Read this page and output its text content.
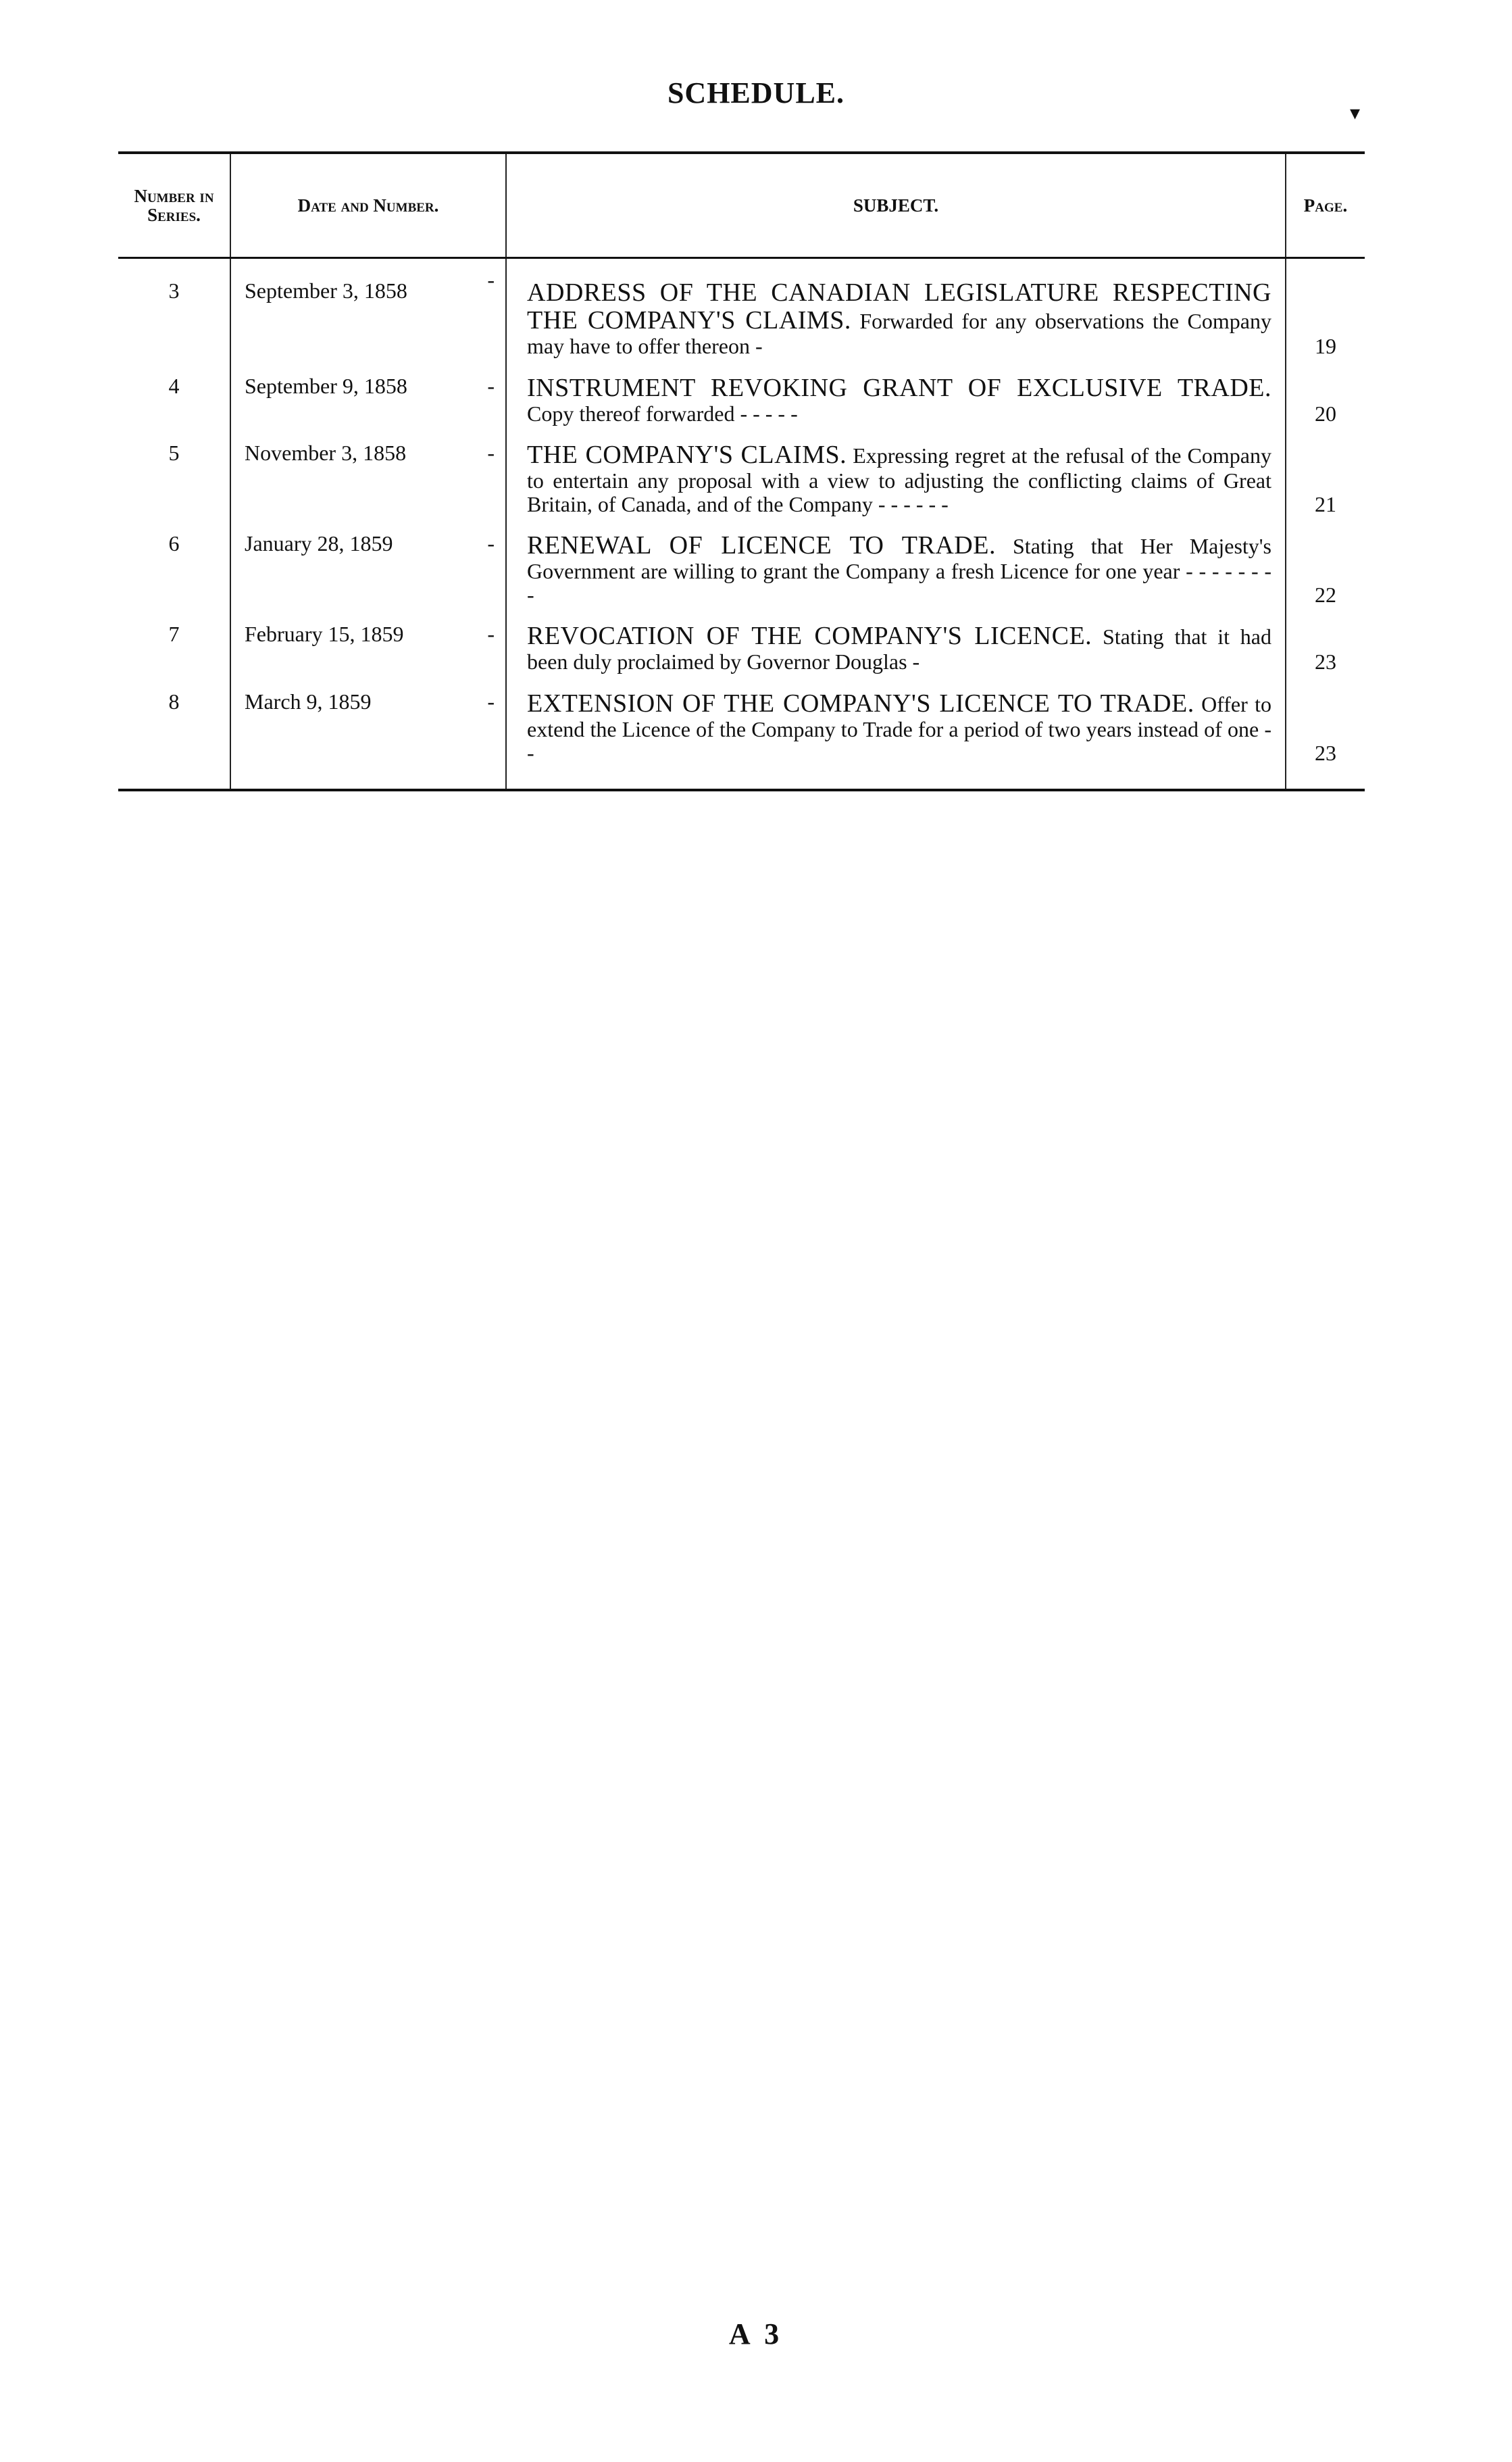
SCHEDULE.
▾
Number in Series.	Date and Number.	SUBJECT.	Page.
3	September 3, 1858 -	ADDRESS OF THE CANADIAN LEGISLATURE RESPECTING THE COMPANY'S CLAIMS. Forwarded for any observations the Company may have to offer thereon -	19
4	September 9, 1858 -	INSTRUMENT REVOKING GRANT OF EXCLUSIVE TRADE. Copy thereof forwarded - - - - -	20
5	November 3, 1858 -	THE COMPANY'S CLAIMS. Expressing regret at the refusal of the Company to entertain any proposal with a view to adjusting the conflicting claims of Great Britain, of Canada, and of the Company - - - - - -	21
6	January 28, 1859 -	RENEWAL OF LICENCE TO TRADE. Stating that Her Majesty's Government are willing to grant the Company a fresh Licence for one year - - - - - - - -	22
7	February 15, 1859 -	REVOCATION OF THE COMPANY'S LICENCE. Stating that it had been duly proclaimed by Governor Douglas -	23
8	March 9, 1859 -	EXTENSION OF THE COMPANY'S LICENCE TO TRADE. Offer to extend the Licence of the Company to Trade for a period of two years instead of one - -	23

A 3
